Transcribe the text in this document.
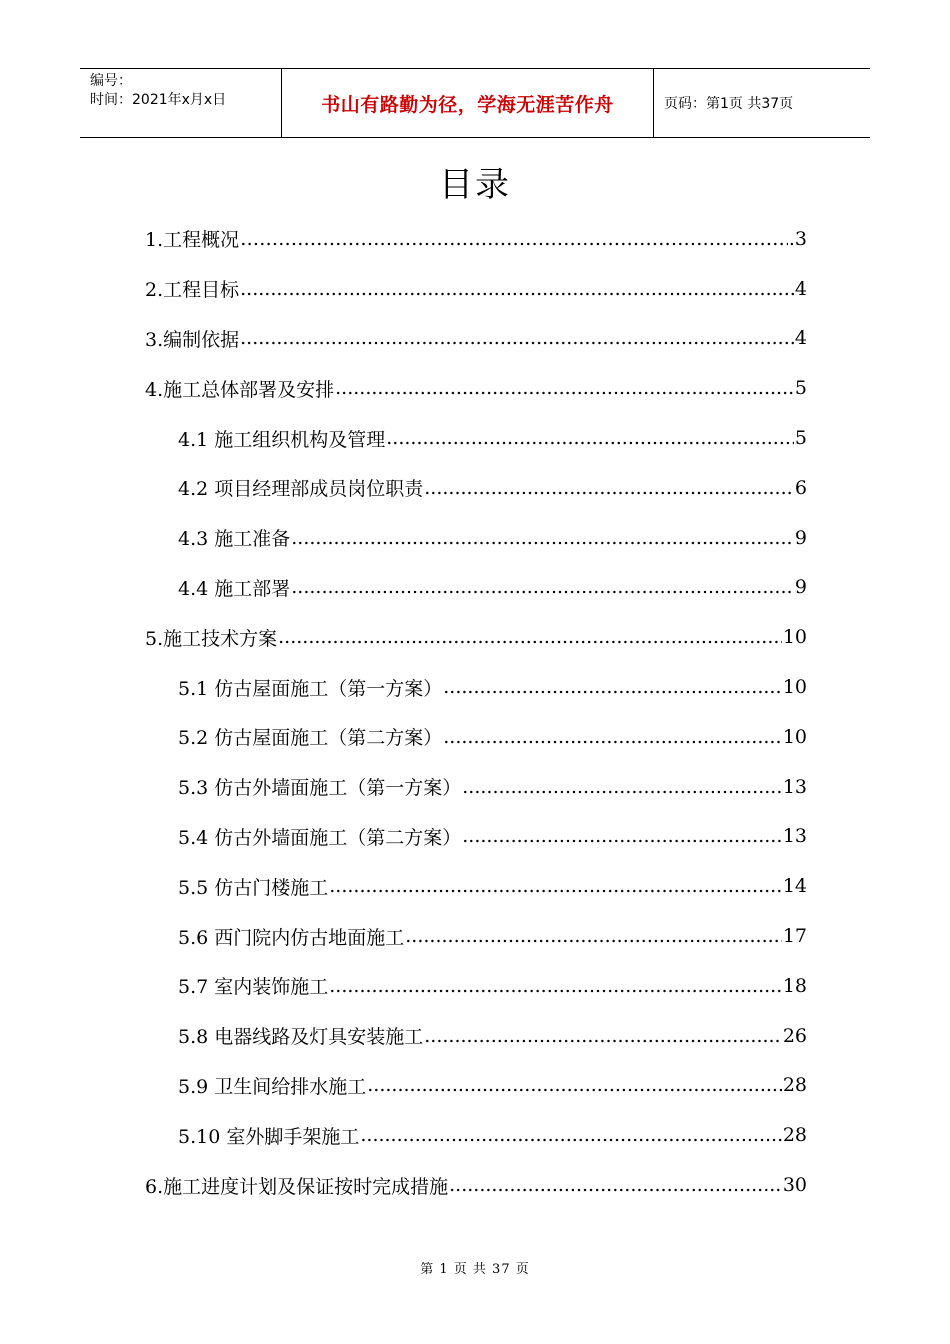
编号：
时间：2021年x月x日	书山有路勤为径，学海无涯苦作舟	页码：第1页 共37页
目录
1.工程概况 ……………………………………………………………………………………………………………………	.3
2.工程目标 .....	4
3.编制依据 .....	4
4.施工总体部署及安排 .....	5
4.1 施工组织机构及管理 .....	5
4.2 项目经理部成员岗位职责 .....	6
4.3 施工准备 .....	9
4.4 施工部署 .....	9
5.施工技术方案 .....	10
5.1 仿古屋面施工（第一方案） .....	10
5.2 仿古屋面施工（第二方案） .....	10
5.3 仿古外墙面施工（第一方案） .....	13
5.4 仿古外墙面施工（第二方案） .....	13
5.5 仿古门楼施工 .....	14
5.6 西门院内仿古地面施工 .....	17
5.7 室内装饰施工 .....	18
5.8 电器线路及灯具安装施工 .....	26
5.9 卫生间给排水施工 .....	28
5.10 室外脚手架施工 .....	28
6.施工进度计划及保证按时完成措施 .....	30
第 1 页 共 37 页
